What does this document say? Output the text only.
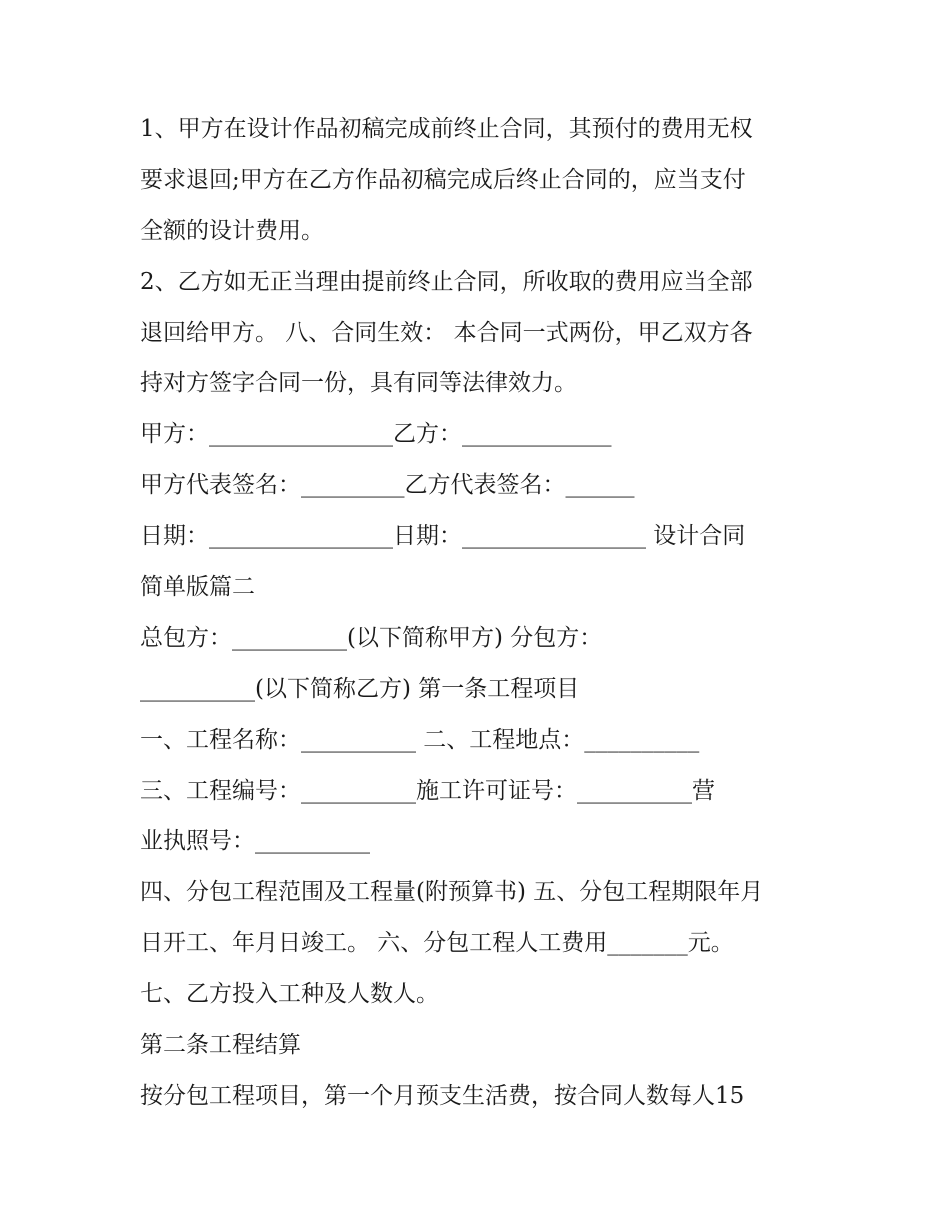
1、甲方在设计作品初稿完成前终止合同，其预付的费用无权
要求退回;甲方在乙方作品初稿完成后终止合同的，应当支付
全额的设计费用。
2、乙方如无正当理由提前终止合同，所收取的费用应当全部
退回给甲方。 八、合同生效： 本合同一式两份，甲乙双方各
持对方签字合同一份，具有同等法律效力。
甲方：________________乙方：_____________
甲方代表签名：_________乙方代表签名：______
日期：________________日期：________________ 设计合同
简单版篇二
总包方：__________(以下简称甲方) 分包方：
__________(以下简称乙方) 第一条工程项目
一、工程名称：__________ 二、工程地点：__________
三、工程编号：__________施工许可证号：__________营
业执照号：__________
四、分包工程范围及工程量(附预算书) 五、分包工程期限年月
日开工、年月日竣工。 六、分包工程人工费用_______元。
七、乙方投入工种及人数人。
第二条工程结算
按分包工程项目，第一个月预支生活费，按合同人数每人15
